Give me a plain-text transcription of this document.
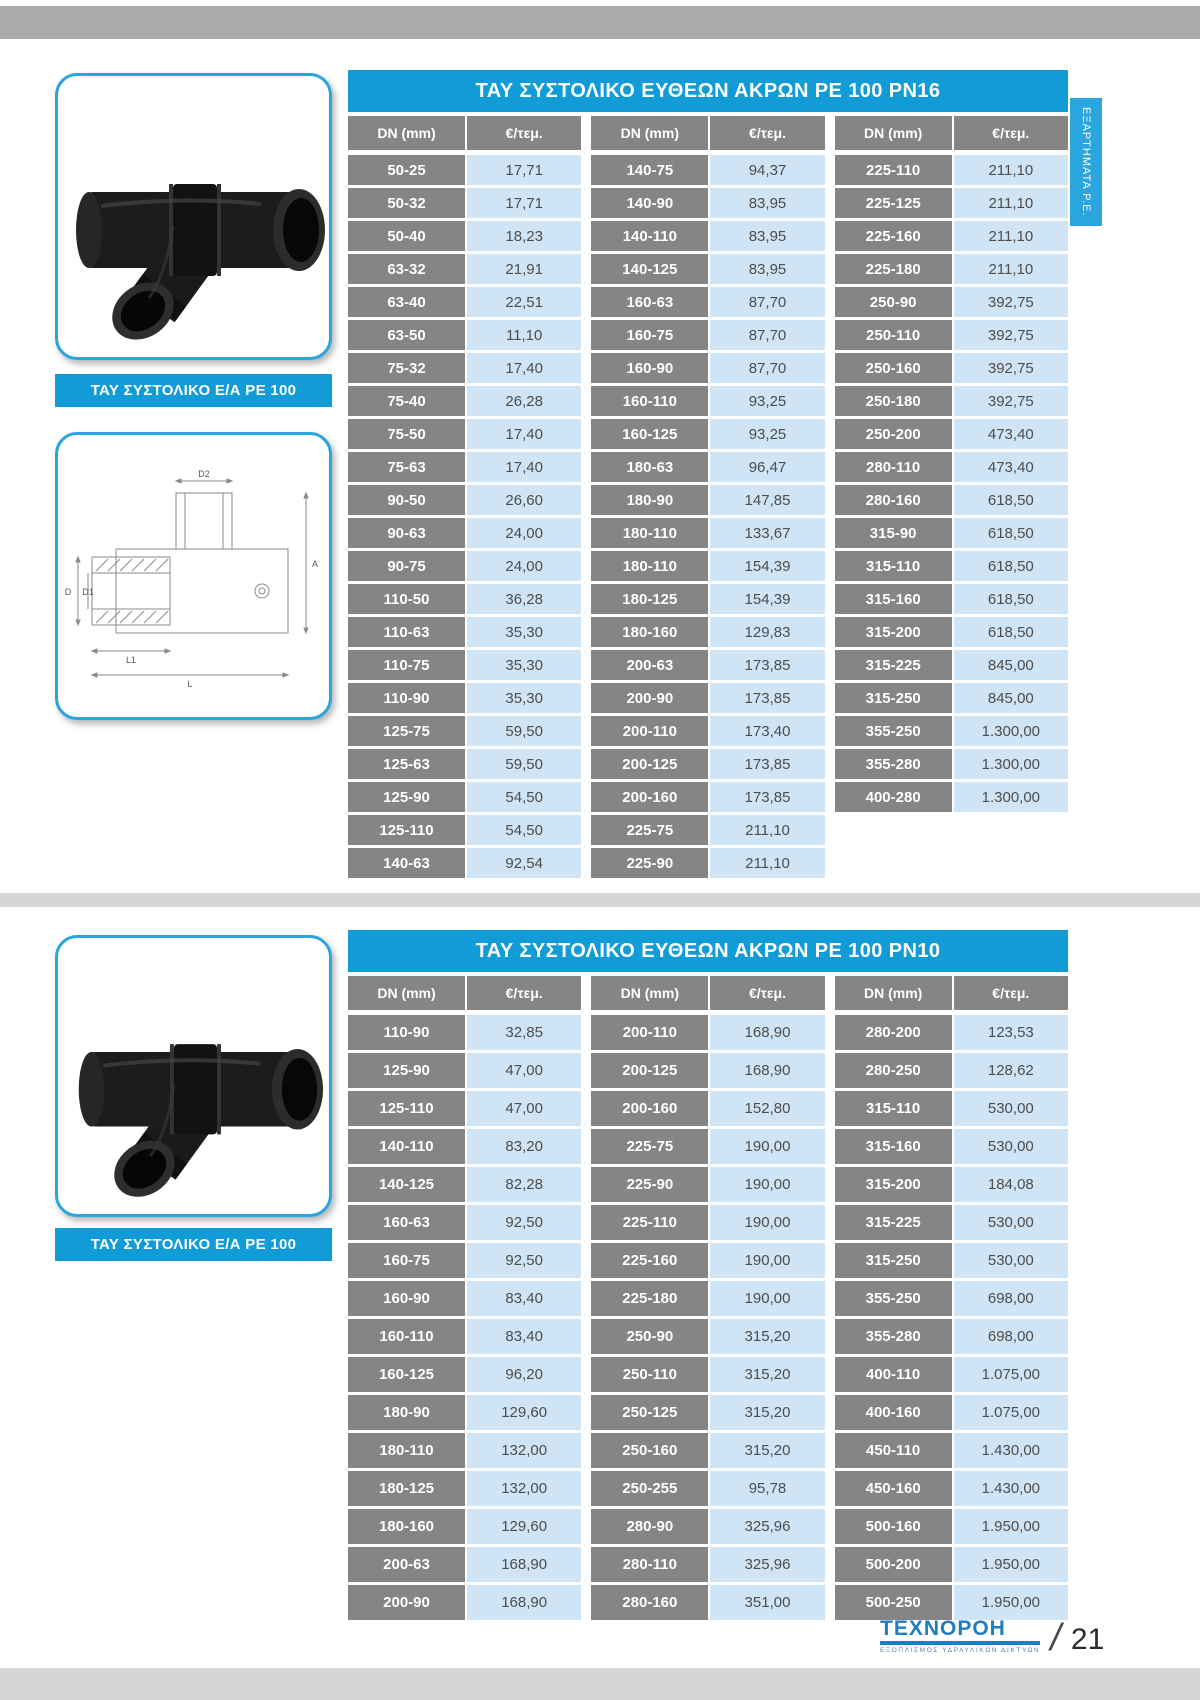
ΤΑΥ ΣΥΣΤΟΛΙΚΟ Ε/Α PE 100
D2
A
D D1
L1
L
ΤΑΥ ΣΥΣΤΟΛΙΚΟ ΕΥΘΕΩΝ ΑΚΡΩΝ PE 100 PN16
DN (mm)	€/τεμ.
50-25	17,71
50-32	17,71
50-40	18,23
63-32	21,91
63-40	22,51
63-50	11,10
75-32	17,40
75-40	26,28
75-50	17,40
75-63	17,40
90-50	26,60
90-63	24,00
90-75	24,00
110-50	36,28
110-63	35,30
110-75	35,30
110-90	35,30
125-75	59,50
125-63	59,50
125-90	54,50
125-110	54,50
140-63	92,54
DN (mm)	€/τεμ.
140-75	94,37
140-90	83,95
140-110	83,95
140-125	83,95
160-63	87,70
160-75	87,70
160-90	87,70
160-110	93,25
160-125	93,25
180-63	96,47
180-90	147,85
180-110	133,67
180-110	154,39
180-125	154,39
180-160	129,83
200-63	173,85
200-90	173,85
200-110	173,40
200-125	173,85
200-160	173,85
225-75	211,10
225-90	211,10
DN (mm)	€/τεμ.
225-110	211,10
225-125	211,10
225-160	211,10
225-180	211,10
250-90	392,75
250-110	392,75
250-160	392,75
250-180	392,75
250-200	473,40
280-110	473,40
280-160	618,50
315-90	618,50
315-110	618,50
315-160	618,50
315-200	618,50
315-225	845,00
315-250	845,00
355-250	1.300,00
355-280	1.300,00
400-280	1.300,00
ΕΞΑΡΤΗΜΑΤΑ P.E.
ΤΑΥ ΣΥΣΤΟΛΙΚΟ Ε/Α PE 100
ΤΑΥ ΣΥΣΤΟΛΙΚΟ ΕΥΘΕΩΝ ΑΚΡΩΝ PE 100 PN10
DN (mm)	€/τεμ.
110-90	32,85
125-90	47,00
125-110	47,00
140-110	83,20
140-125	82,28
160-63	92,50
160-75	92,50
160-90	83,40
160-110	83,40
160-125	96,20
180-90	129,60
180-110	132,00
180-125	132,00
180-160	129,60
200-63	168,90
200-90	168,90
DN (mm)	€/τεμ.
200-110	168,90
200-125	168,90
200-160	152,80
225-75	190,00
225-90	190,00
225-110	190,00
225-160	190,00
225-180	190,00
250-90	315,20
250-110	315,20
250-125	315,20
250-160	315,20
250-255	95,78
280-90	325,96
280-110	325,96
280-160	351,00
DN (mm)	€/τεμ.
280-200	123,53
280-250	128,62
315-110	530,00
315-160	530,00
315-200	184,08
315-225	530,00
315-250	530,00
355-250	698,00
355-280	698,00
400-110	1.075,00
400-160	1.075,00
450-110	1.430,00
450-160	1.430,00
500-160	1.950,00
500-200	1.950,00
500-250	1.950,00
ΤΕΧΝΟΡΟΗ
ΕΞΟΠΛΙΣΜΟΣ ΥΔΡΑΥΛΙΚΩΝ ΔΙΚΤΥΩΝ / 21
